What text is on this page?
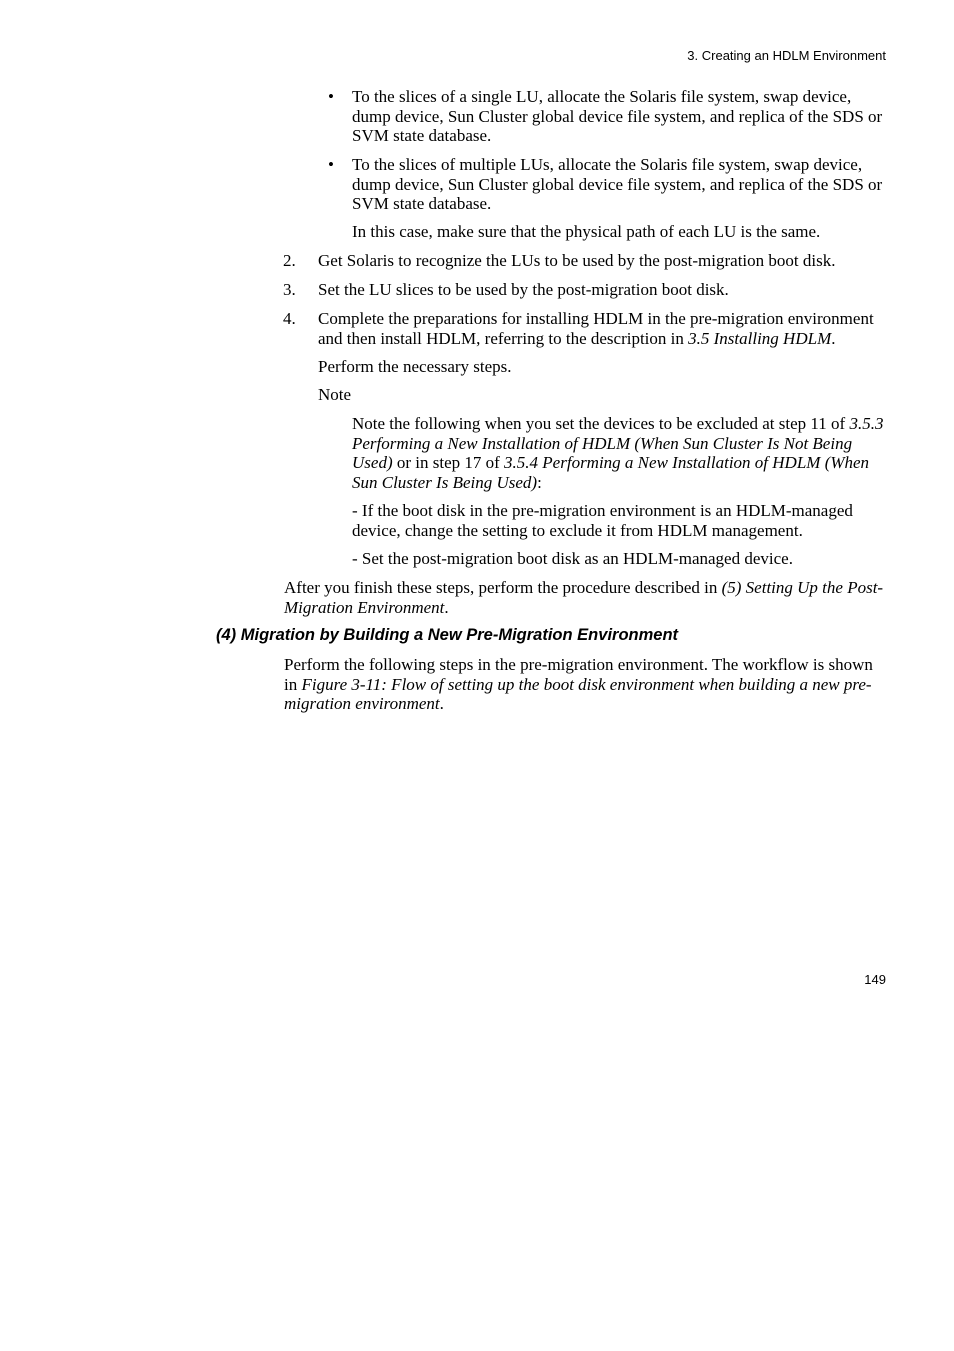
3. Creating an HDLM Environment
• To the slices of a single LU, allocate the Solaris file system, swap device, dump device, Sun Cluster global device file system, and replica of the SDS or SVM state database.

• To the slices of multiple LUs, allocate the Solaris file system, swap device, dump device, Sun Cluster global device file system, and replica of the SDS or SVM state database.

In this case, make sure that the physical path of each LU is the same.

2. Get Solaris to recognize the LUs to be used by the post-migration boot disk.

3. Set the LU slices to be used by the post-migration boot disk.

4. Complete the preparations for installing HDLM in the pre-migration environment and then install HDLM, referring to the description in 3.5 Installing HDLM.

Perform the necessary steps.

Note

Note the following when you set the devices to be excluded at step 11 of 3.5.3 Performing a New Installation of HDLM (When Sun Cluster Is Not Being Used) or in step 17 of 3.5.4 Performing a New Installation of HDLM (When Sun Cluster Is Being Used):

- If the boot disk in the pre-migration environment is an HDLM-managed device, change the setting to exclude it from HDLM management.

- Set the post-migration boot disk as an HDLM-managed device.

After you finish these steps, perform the procedure described in (5) Setting Up the Post-Migration Environment.

(4) Migration by Building a New Pre-Migration Environment

Perform the following steps in the pre-migration environment. The workflow is shown in Figure 3-11: Flow of setting up the boot disk environment when building a new pre-migration environment.

149
